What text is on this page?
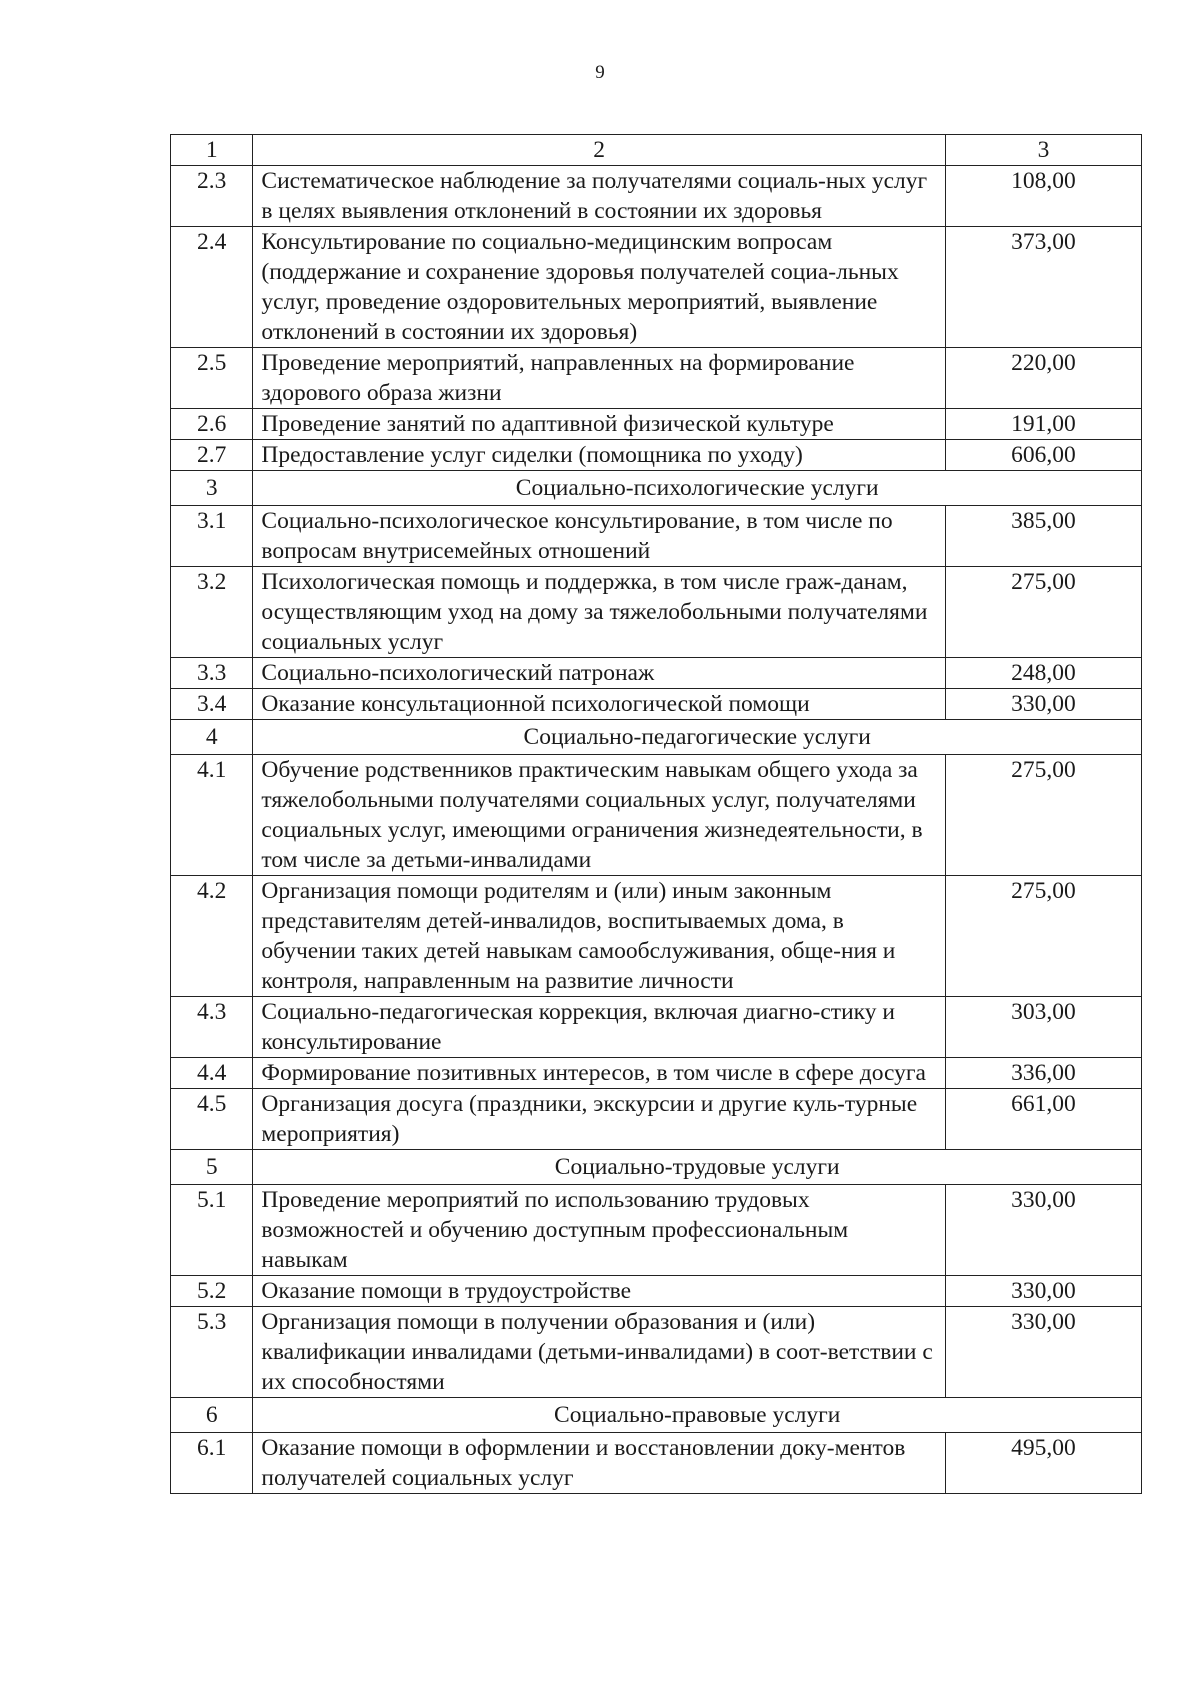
9
1	2	3
2.3	Систематическое наблюдение за получателями социаль-ных услуг в целях выявления отклонений в состоянии их здоровья	108,00
2.4	Консультирование по социально-медицинским вопросам (поддержание и сохранение здоровья получателей социа-льных услуг, проведение оздоровительных мероприятий, выявление отклонений в состоянии их здоровья)	373,00
2.5	Проведение мероприятий, направленных на формирование здорового образа жизни	220,00
2.6	Проведение занятий по адаптивной физической культуре	191,00
2.7	Предоставление услуг сиделки (помощника по уходу)	606,00
3	Социально-психологические услуги	
3.1	Социально-психологическое консультирование, в том числе по вопросам внутрисемейных отношений	385,00
3.2	Психологическая помощь и поддержка, в том числе граж-данам, осуществляющим уход на дому за тяжелобольными получателями социальных услуг	275,00
3.3	Социально-психологический патронаж	248,00
3.4	Оказание консультационной психологической помощи	330,00
4	Социально-педагогические услуги	
4.1	Обучение родственников практическим навыкам общего ухода за тяжелобольными получателями социальных услуг, получателями социальных услуг, имеющими ограничения жизнедеятельности, в том числе за детьми-инвалидами	275,00
4.2	Организация помощи родителям и (или) иным законным представителям детей-инвалидов, воспитываемых дома, в обучении таких детей навыкам самообслуживания, обще-ния и контроля, направленным на развитие личности	275,00
4.3	Социально-педагогическая коррекция, включая диагно-стику и консультирование	303,00
4.4	Формирование позитивных интересов, в том числе в сфере досуга	336,00
4.5	Организация досуга (праздники, экскурсии и другие куль-турные мероприятия)	661,00
5	Социально-трудовые услуги	
5.1	Проведение мероприятий по использованию трудовых возможностей и обучению доступным профессиональным навыкам	330,00
5.2	Оказание помощи в трудоустройстве	330,00
5.3	Организация помощи в получении образования и (или) квалификации инвалидами (детьми-инвалидами) в соот-ветствии с их способностями	330,00
6	Социально-правовые услуги	
6.1	Оказание помощи в оформлении и восстановлении доку-ментов получателей социальных услуг	495,00
